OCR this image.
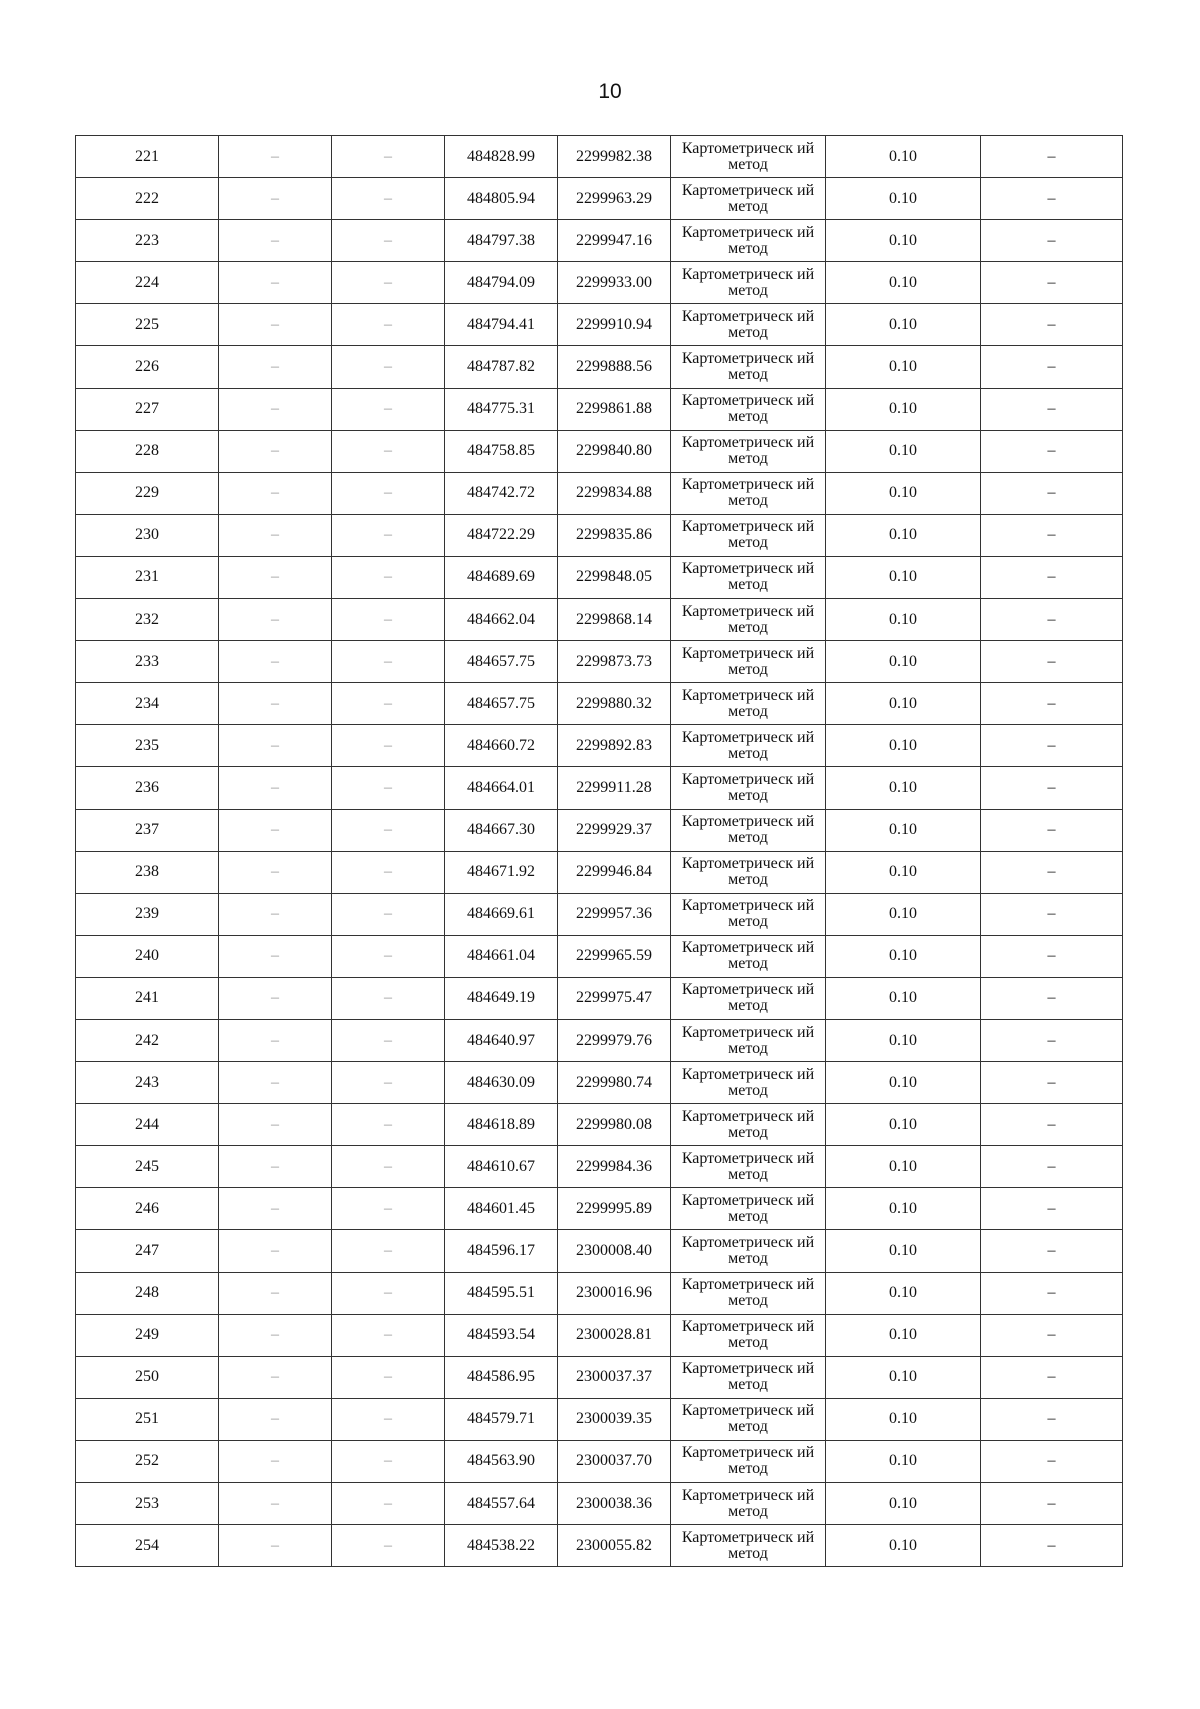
10
221	–	–	484828.99	2299982.38	Картометрическ ий метод	0.10	–
222	–	–	484805.94	2299963.29	Картометрическ ий метод	0.10	–
223	–	–	484797.38	2299947.16	Картометрическ ий метод	0.10	–
224	–	–	484794.09	2299933.00	Картометрическ ий метод	0.10	–
225	–	–	484794.41	2299910.94	Картометрическ ий метод	0.10	–
226	–	–	484787.82	2299888.56	Картометрическ ий метод	0.10	–
227	–	–	484775.31	2299861.88	Картометрическ ий метод	0.10	–
228	–	–	484758.85	2299840.80	Картометрическ ий метод	0.10	–
229	–	–	484742.72	2299834.88	Картометрическ ий метод	0.10	–
230	–	–	484722.29	2299835.86	Картометрическ ий метод	0.10	–
231	–	–	484689.69	2299848.05	Картометрическ ий метод	0.10	–
232	–	–	484662.04	2299868.14	Картометрическ ий метод	0.10	–
233	–	–	484657.75	2299873.73	Картометрическ ий метод	0.10	–
234	–	–	484657.75	2299880.32	Картометрическ ий метод	0.10	–
235	–	–	484660.72	2299892.83	Картометрическ ий метод	0.10	–
236	–	–	484664.01	2299911.28	Картометрическ ий метод	0.10	–
237	–	–	484667.30	2299929.37	Картометрическ ий метод	0.10	–
238	–	–	484671.92	2299946.84	Картометрическ ий метод	0.10	–
239	–	–	484669.61	2299957.36	Картометрическ ий метод	0.10	–
240	–	–	484661.04	2299965.59	Картометрическ ий метод	0.10	–
241	–	–	484649.19	2299975.47	Картометрическ ий метод	0.10	–
242	–	–	484640.97	2299979.76	Картометрическ ий метод	0.10	–
243	–	–	484630.09	2299980.74	Картометрическ ий метод	0.10	–
244	–	–	484618.89	2299980.08	Картометрическ ий метод	0.10	–
245	–	–	484610.67	2299984.36	Картометрическ ий метод	0.10	–
246	–	–	484601.45	2299995.89	Картометрическ ий метод	0.10	–
247	–	–	484596.17	2300008.40	Картометрическ ий метод	0.10	–
248	–	–	484595.51	2300016.96	Картометрическ ий метод	0.10	–
249	–	–	484593.54	2300028.81	Картометрическ ий метод	0.10	–
250	–	–	484586.95	2300037.37	Картометрическ ий метод	0.10	–
251	–	–	484579.71	2300039.35	Картометрическ ий метод	0.10	–
252	–	–	484563.90	2300037.70	Картометрическ ий метод	0.10	–
253	–	–	484557.64	2300038.36	Картометрическ ий метод	0.10	–
254	–	–	484538.22	2300055.82	Картометрическ ий метод	0.10	–
